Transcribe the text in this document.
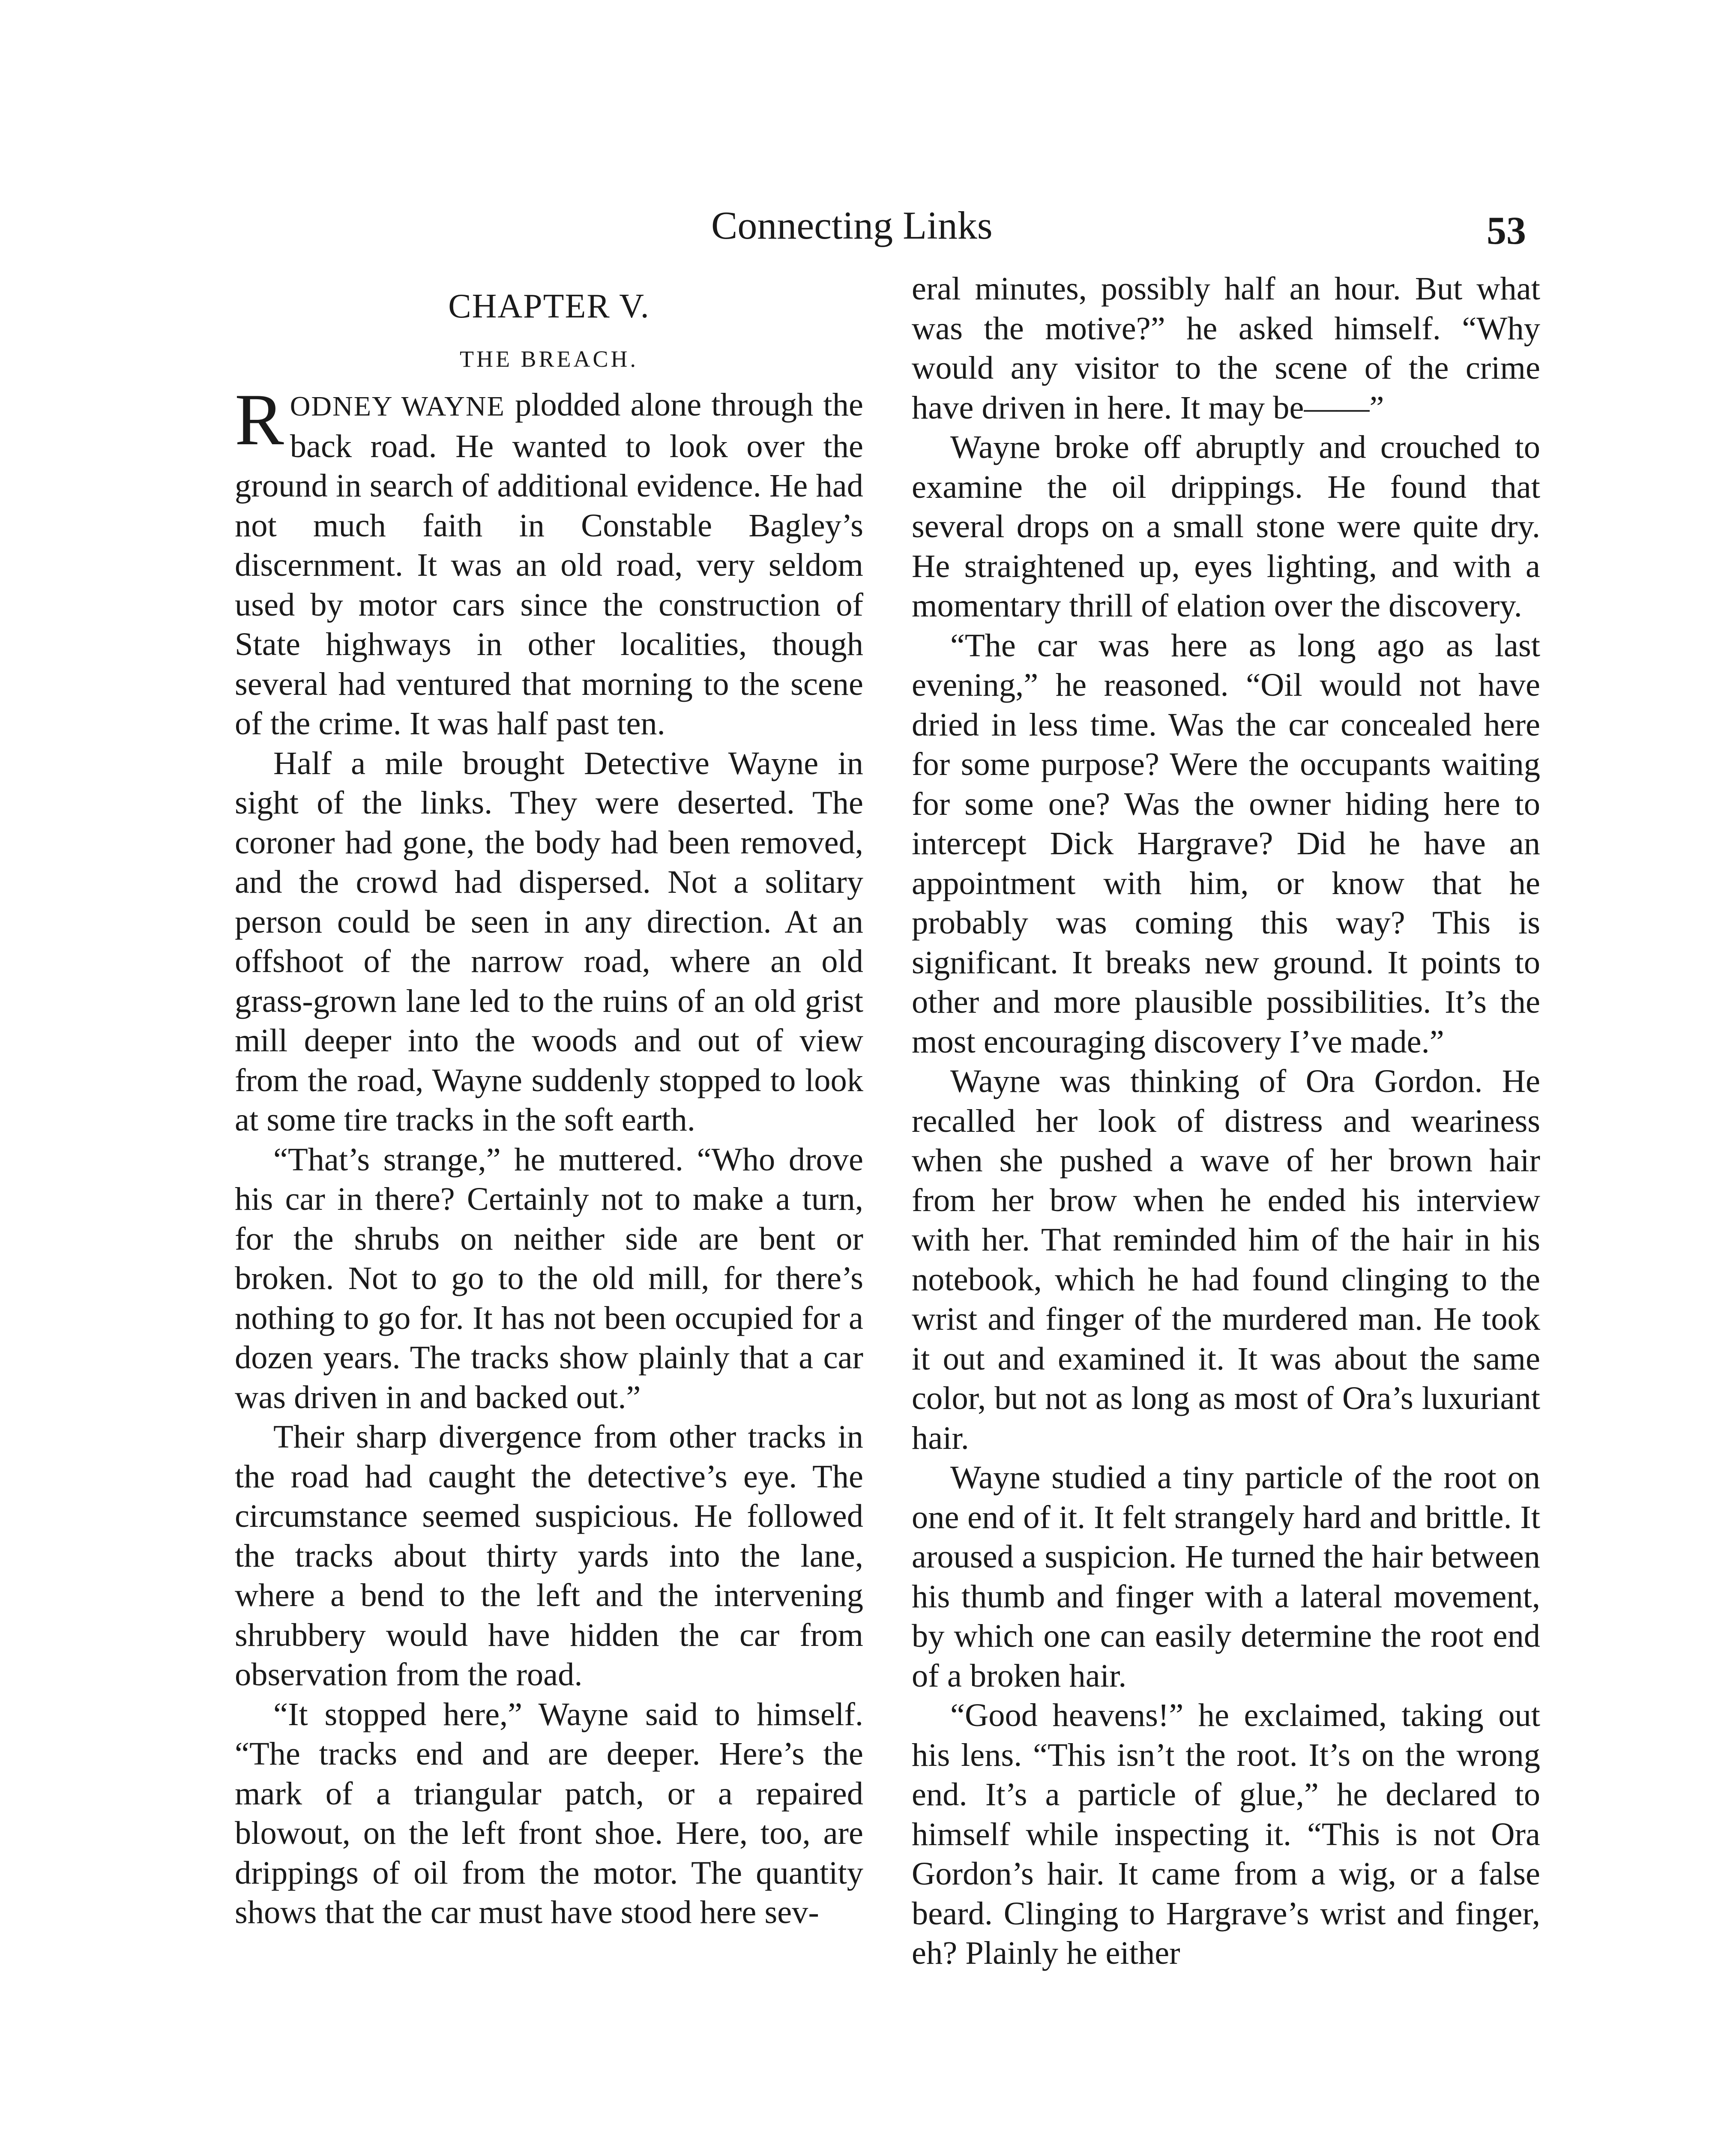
Connecting Links	53
CHAPTER V.
THE BREACH.

RODNEY WAYNE plodded alone through the back road. He wanted to look over the ground in search of additional evidence. He had not much faith in Constable Bagley’s discernment. It was an old road, very seldom used by motor cars since the construction of State highways in other localities, though several had ventured that morning to the scene of the crime. It was half past ten.

Half a mile brought Detective Wayne in sight of the links. They were deserted. The coroner had gone, the body had been removed, and the crowd had dispersed. Not a solitary person could be seen in any direction. At an offshoot of the narrow road, where an old grass-grown lane led to the ruins of an old grist mill deeper into the woods and out of view from the road, Wayne suddenly stopped to look at some tire tracks in the soft earth.

“That’s strange,” he muttered. “Who drove his car in there? Certainly not to make a turn, for the shrubs on neither side are bent or broken. Not to go to the old mill, for there’s nothing to go for. It has not been occupied for a dozen years. The tracks show plainly that a car was driven in and backed out.”

Their sharp divergence from other tracks in the road had caught the detective’s eye. The circumstance seemed suspicious. He followed the tracks about thirty yards into the lane, where a bend to the left and the intervening shrubbery would have hidden the car from observation from the road.

“It stopped here,” Wayne said to himself. “The tracks end and are deeper. Here’s the mark of a triangular patch, or a repaired blowout, on the left front shoe. Here, too, are drippings of oil from the motor. The quantity shows that the car must have stood here sev-

eral minutes, possibly half an hour. But what was the motive?” he asked himself. “Why would any visitor to the scene of the crime have driven in here. It may be——”

Wayne broke off abruptly and crouched to examine the oil drippings. He found that several drops on a small stone were quite dry. He straightened up, eyes lighting, and with a momentary thrill of elation over the discovery.

“The car was here as long ago as last evening,” he reasoned. “Oil would not have dried in less time. Was the car concealed here for some purpose? Were the occupants waiting for some one? Was the owner hiding here to intercept Dick Hargrave? Did he have an appointment with him, or know that he probably was coming this way? This is significant. It breaks new ground. It points to other and more plausible possibilities. It’s the most encouraging discovery I’ve made.”

Wayne was thinking of Ora Gordon. He recalled her look of distress and weariness when she pushed a wave of her brown hair from her brow when he ended his interview with her. That reminded him of the hair in his notebook, which he had found clinging to the wrist and finger of the murdered man. He took it out and examined it. It was about the same color, but not as long as most of Ora’s luxuriant hair.

Wayne studied a tiny particle of the root on one end of it. It felt strangely hard and brittle. It aroused a suspicion. He turned the hair between his thumb and finger with a lateral movement, by which one can easily determine the root end of a broken hair.

“Good heavens!” he exclaimed, taking out his lens. “This isn’t the root. It’s on the wrong end. It’s a particle of glue,” he declared to himself while inspecting it. “This is not Ora Gordon’s hair. It came from a wig, or a false beard. Clinging to Hargrave’s wrist and finger, eh? Plainly he either
